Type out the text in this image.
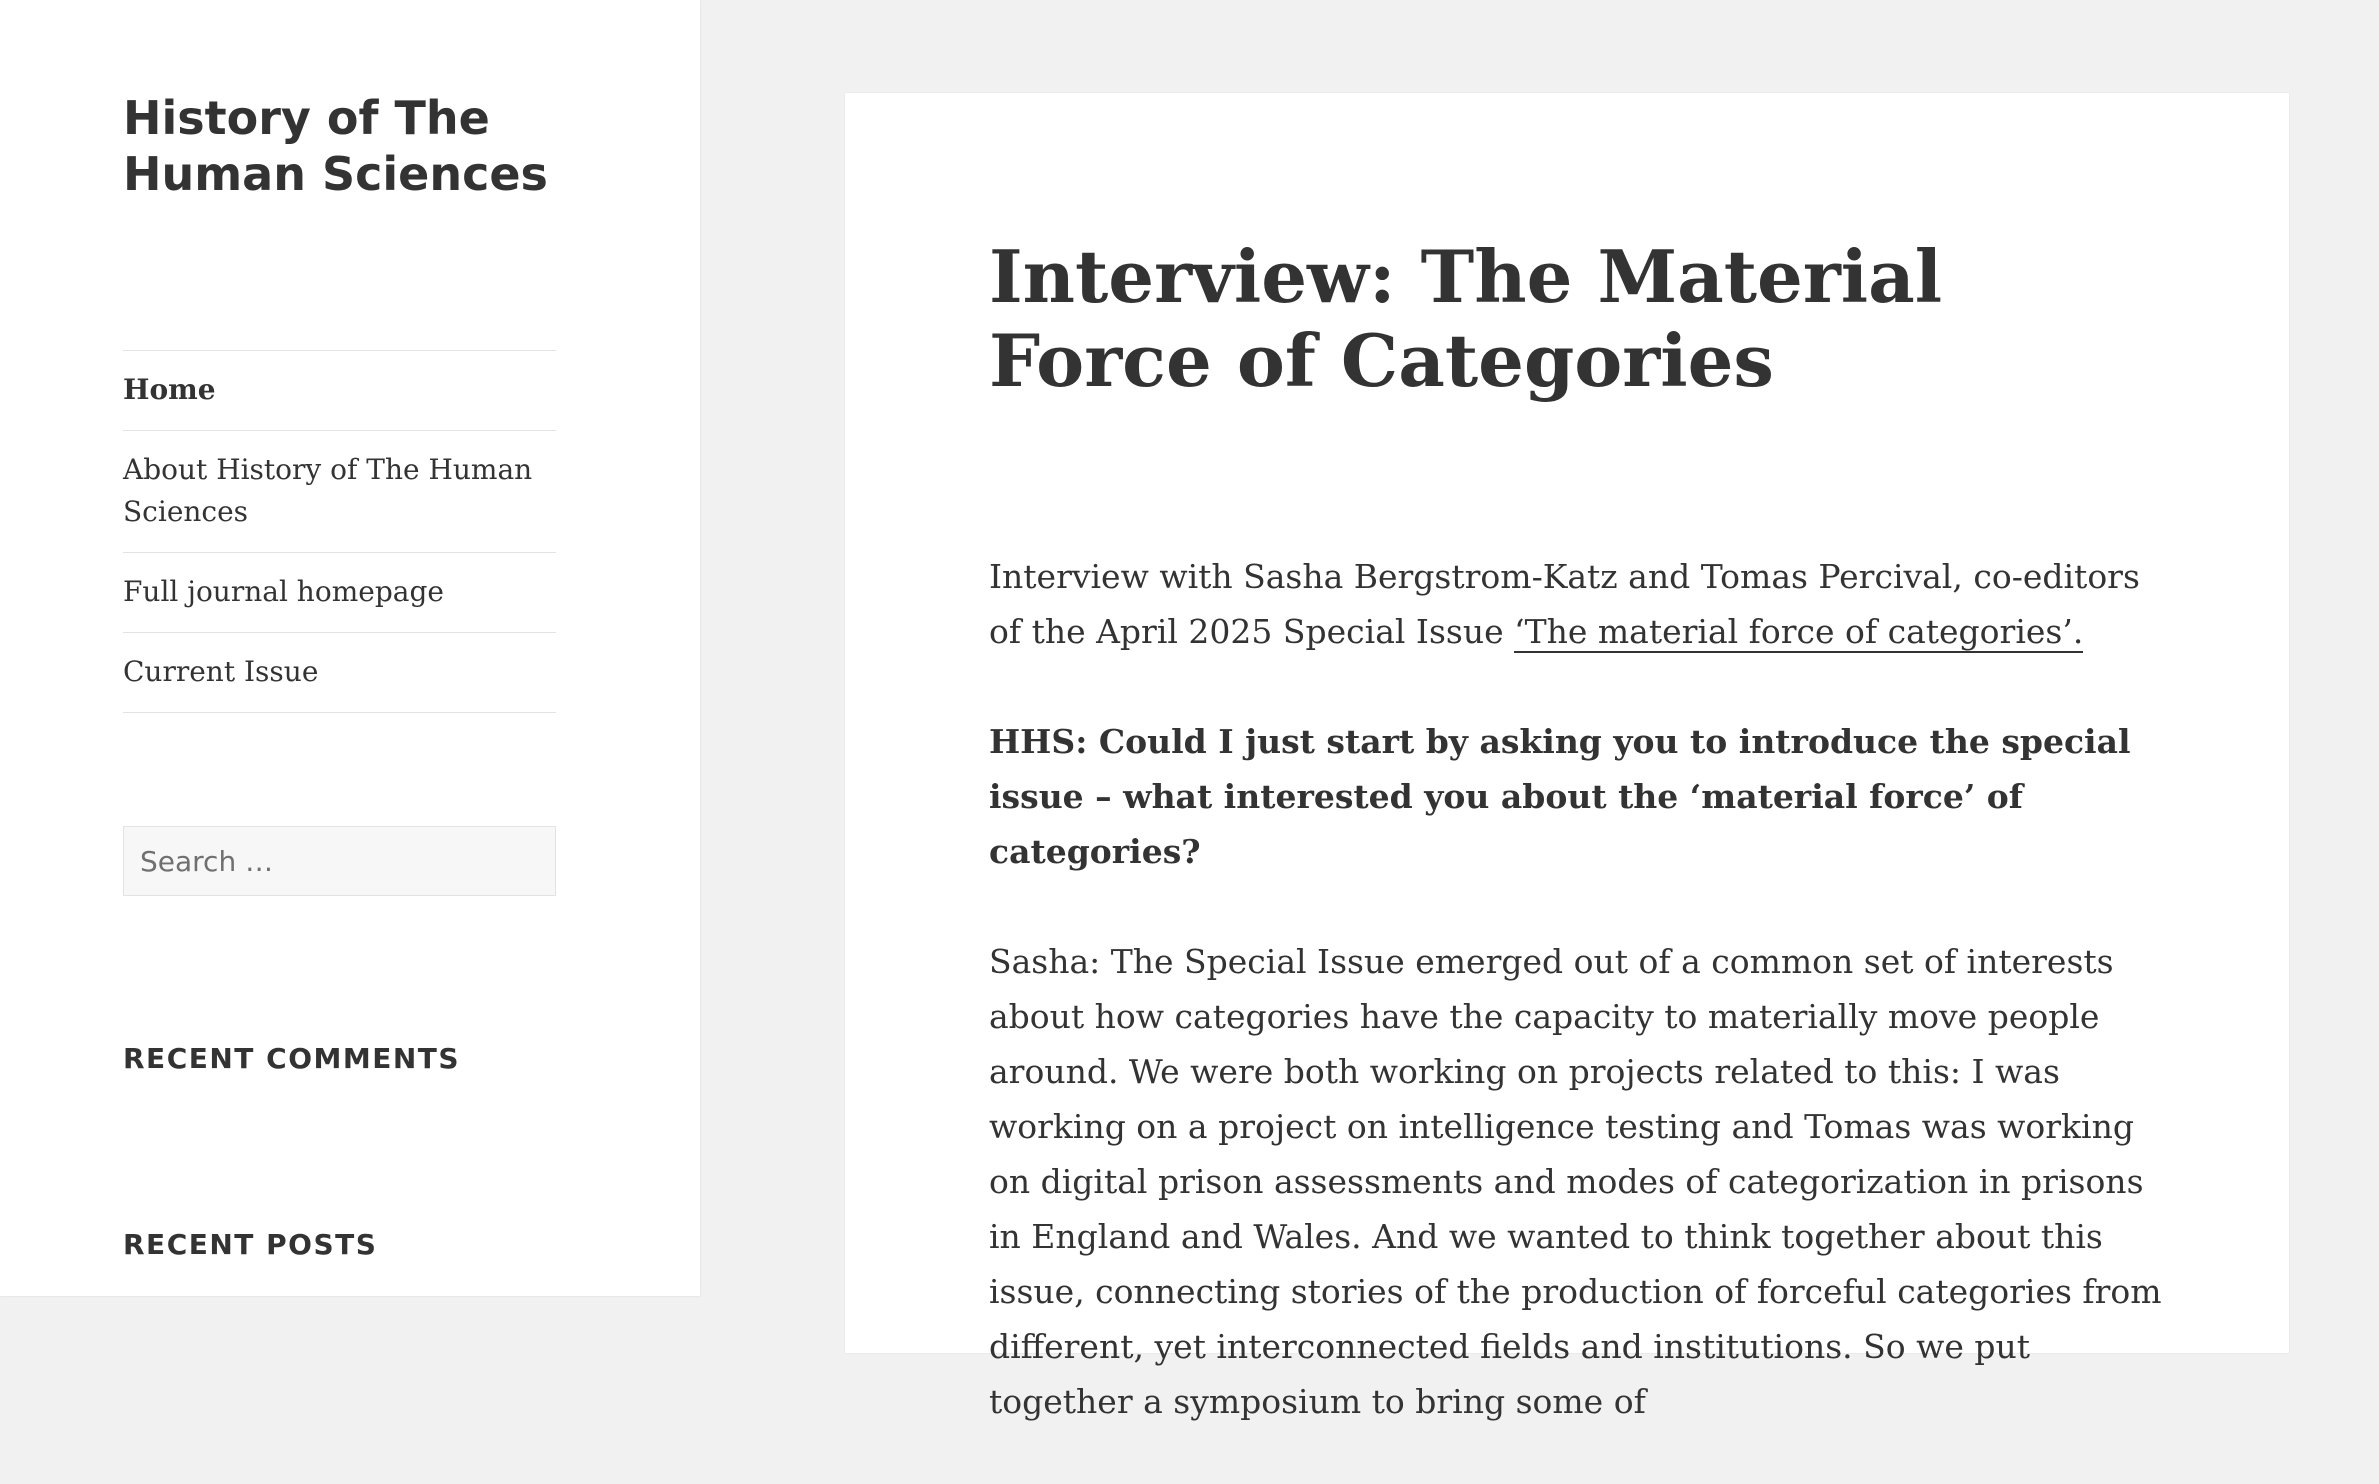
History of The Human Sciences
Home
About History of The Human Sciences
Full journal homepage
Current Issue
Search …
RECENT COMMENTS
RECENT POSTS
Interview: The Material Force of Categories

Interview with Sasha Bergstrom-Katz and Tomas Percival, co-editors of the April 2025 Special Issue ‘The material force of categories’.

HHS: Could I just start by asking you to introduce the special issue – what interested you about the ‘material force’ of categories?

Sasha: The Special Issue emerged out of a common set of interests about how categories have the capacity to materially move people around. We were both working on projects related to this: I was working on a project on intelligence testing and Tomas was working on digital prison assessments and modes of categorization in prisons in England and Wales. And we wanted to think together about this issue, connecting stories of the production of forceful categories from different, yet interconnected fields and institutions. So we put together a symposium to bring some of
